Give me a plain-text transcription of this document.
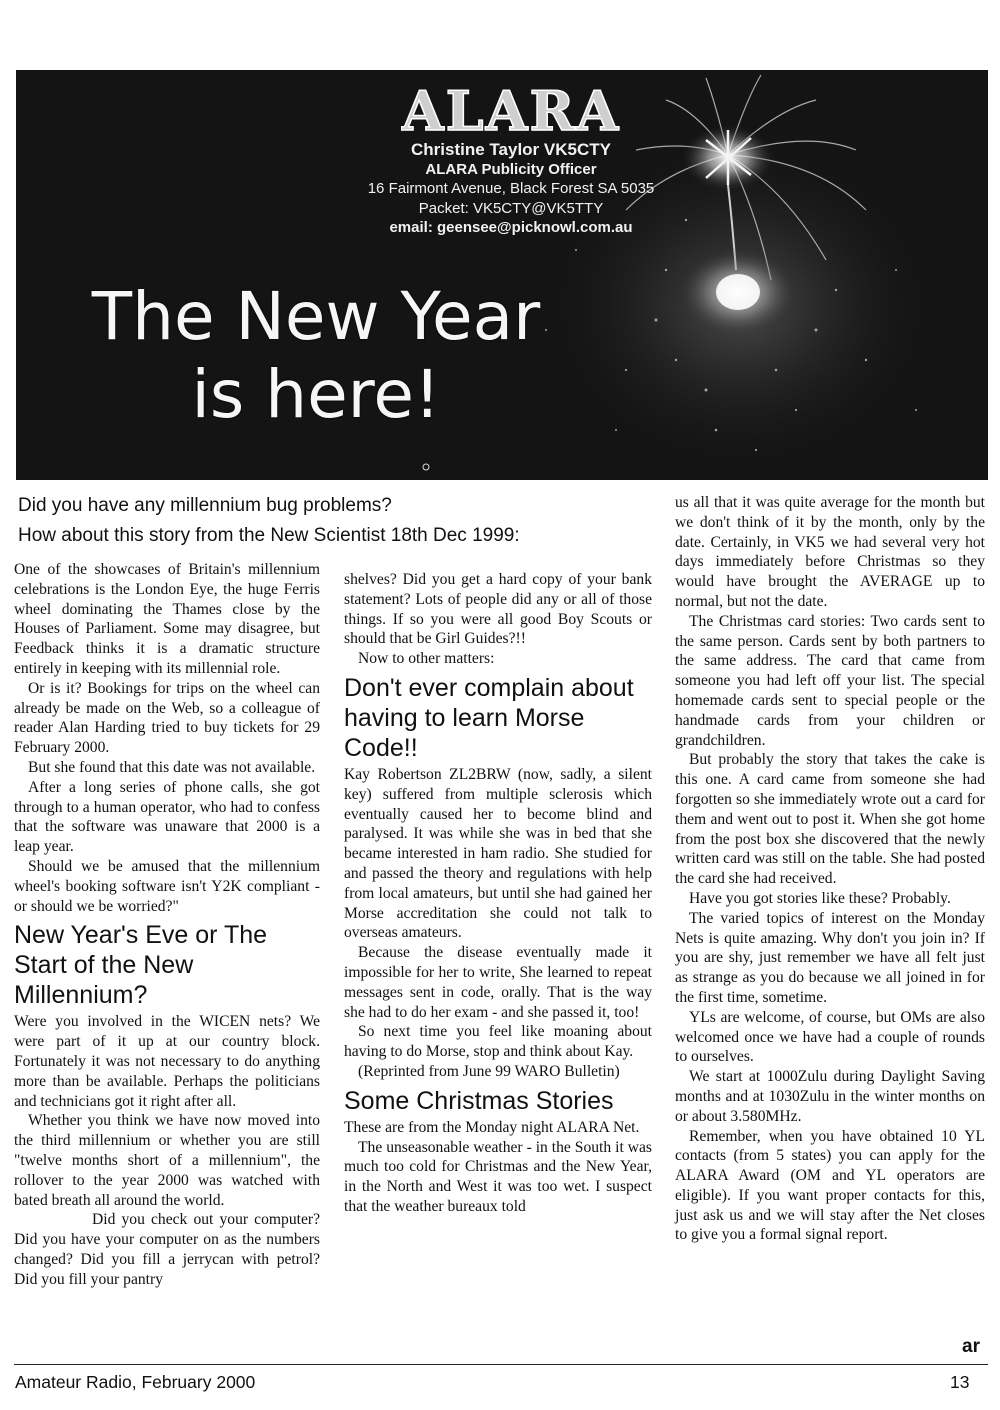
ALARA
Christine Taylor VK5CTY
ALARA Publicity Officer
16 Fairmont Avenue, Black Forest SA 5035
Packet: VK5CTY@VK5TTY
email: geensee@picknowl.com.au
The New Year
is here!
Did you have any millennium bug problems?
How about this story from the New Scientist 18th Dec 1999:

One of the showcases of Britain's millennium celebrations is the London Eye, the huge Ferris wheel dominating the Thames close by the Houses of Parliament. Some may disagree, but Feedback thinks it is a dramatic structure entirely in keeping with its millennial role.

Or is it? Bookings for trips on the wheel can already be made on the Web, so a colleague of reader Alan Harding tried to buy tickets for 29 February 2000.

But she found that this date was not available.

After a long series of phone calls, she got through to a human operator, who had to confess that the software was unaware that 2000 is a leap year.

Should we be amused that the millennium wheel's booking software isn't Y2K compliant - or should we be worried?"

New Year's Eve or The Start of the New Millennium?

Were you involved in the WICEN nets? We were part of it up at our country block. Fortunately it was not necessary to do anything more than be available. Perhaps the politicians and technicians got it right after all.

Whether you think we have now moved into the third millennium or whether you are still "twelve months short of a millennium", the rollover to the year 2000 was watched with bated breath all around the world.

Did you check out your computer? Did you have your computer on as the numbers changed? Did you fill a jerrycan with petrol? Did you fill your pantry

shelves? Did you get a hard copy of your bank statement? Lots of people did any or all of those things. If so you were all good Boy Scouts or should that be Girl Guides?!!

Now to other matters:

Don't ever complain about having to learn Morse Code!!

Kay Robertson ZL2BRW (now, sadly, a silent key) suffered from multiple sclerosis which eventually caused her to become blind and paralysed. It was while she was in bed that she became interested in ham radio. She studied for and passed the theory and regulations with help from local amateurs, but until she had gained her Morse accreditation she could not talk to overseas amateurs.

Because the disease eventually made it impossible for her to write, She learned to repeat messages sent in code, orally. That is the way she had to do her exam - and she passed it, too!

So next time you feel like moaning about having to do Morse, stop and think about Kay.

(Reprinted from June 99 WARO Bulletin)

Some Christmas Stories

These are from the Monday night ALARA Net.

The unseasonable weather - in the South it was much too cold for Christmas and the New Year, in the North and West it was too wet. I suspect that the weather bureaux told

us all that it was quite average for the month but we don't think of it by the month, only by the date. Certainly, in VK5 we had several very hot days immediately before Christmas so they would have brought the AVERAGE up to normal, but not the date.

The Christmas card stories: Two cards sent to the same person. Cards sent by both partners to the same address. The card that came from someone you had left off your list. The special homemade cards sent to special people or the handmade cards from your children or grandchildren.

But probably the story that takes the cake is this one. A card came from someone she had forgotten so she immediately wrote out a card for them and went out to post it. When she got home from the post box she discovered that the newly written card was still on the table. She had posted the card she had received.

Have you got stories like these? Probably.

The varied topics of interest on the Monday Nets is quite amazing. Why don't you join in? If you are shy, just remember we have all felt just as strange as you do because we all joined in for the first time, sometime.

YLs are welcome, of course, but OMs are also welcomed once we have had a couple of rounds to ourselves.

We start at 1000Zulu during Daylight Saving months and at 1030Zulu in the winter months on or about 3.580MHz.

Remember, when you have obtained 10 YL contacts (from 5 states) you can apply for the ALARA Award (OM and YL operators are eligible). If you want proper contacts for this, just ask us and we will stay after the Net closes to give you a formal signal report.

ar
Amateur Radio, February 2000	13
